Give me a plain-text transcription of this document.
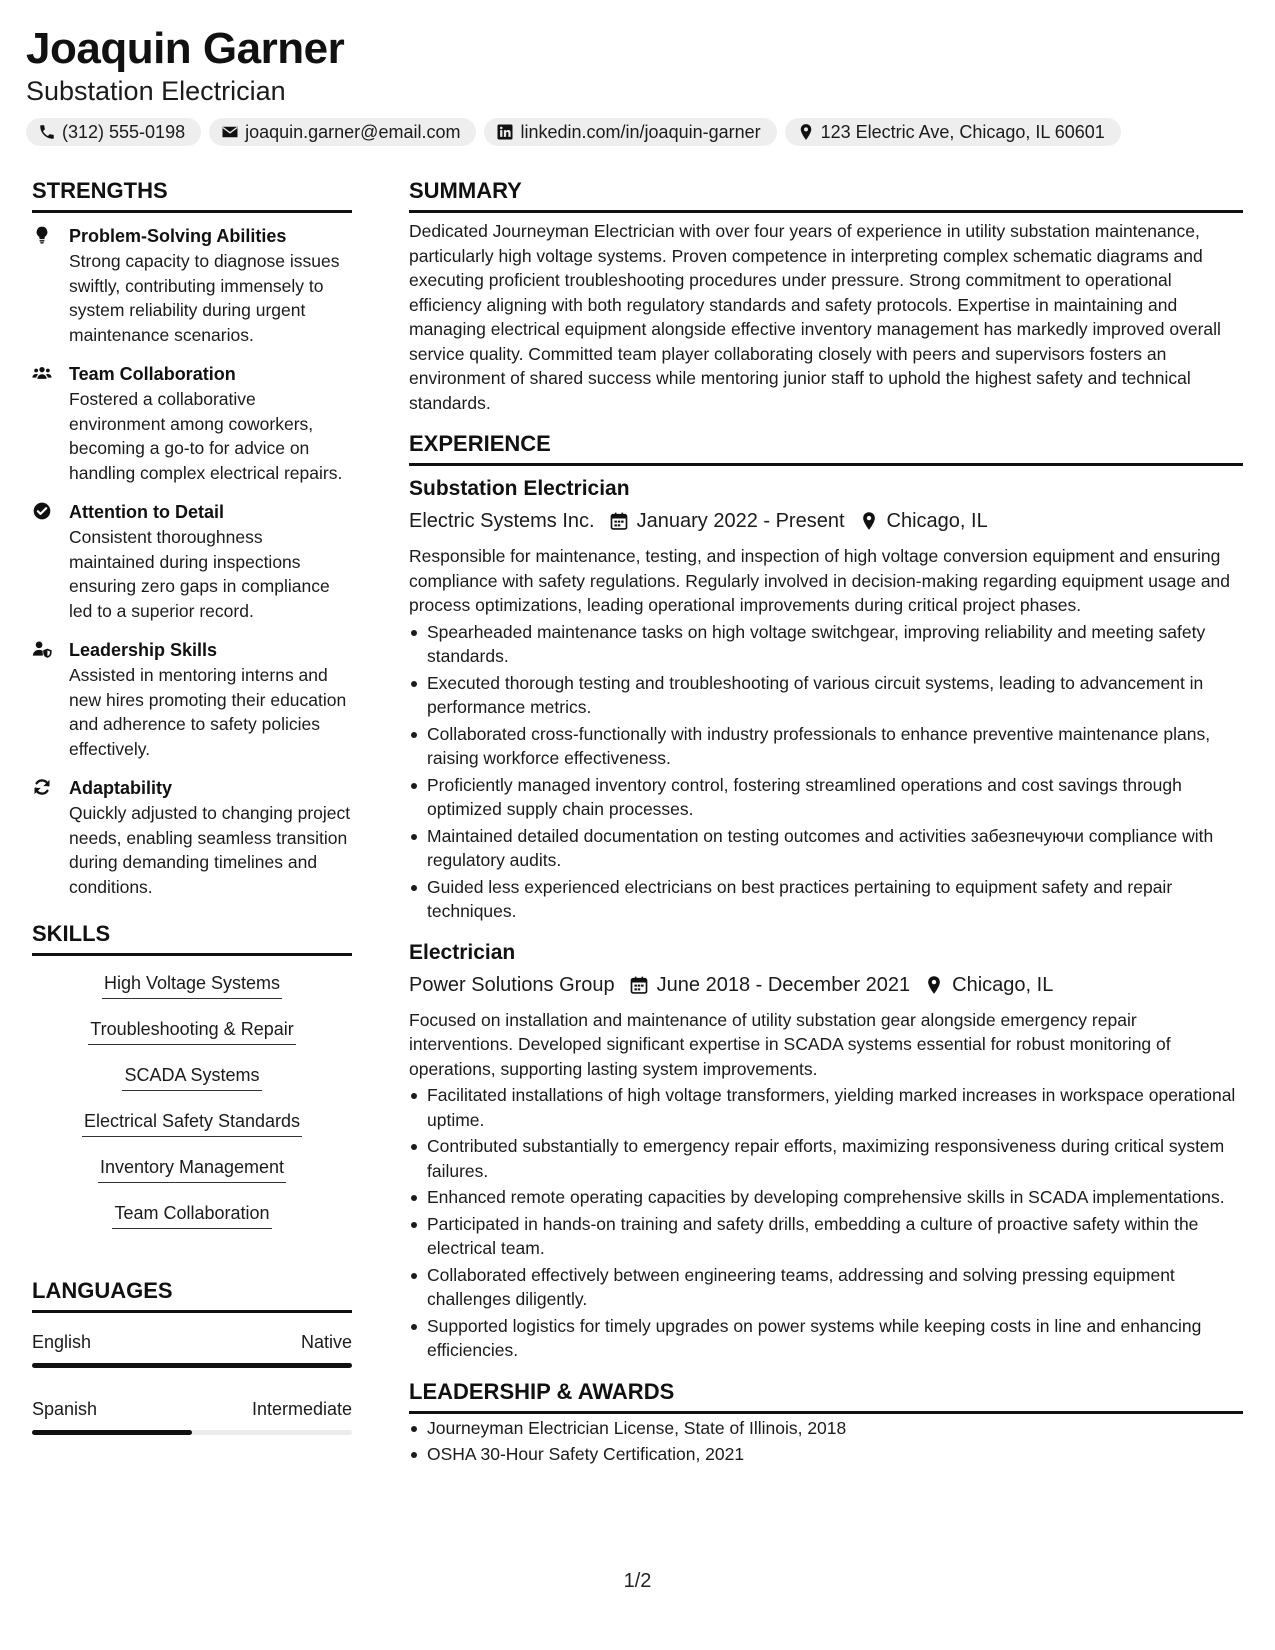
Joaquin Garner
Substation Electrician
(312) 555-0198	joaquin.garner@email.com	linkedin.com/in/joaquin-garner	123 Electric Ave, Chicago, IL 60601
STRENGTHS
Problem-Solving Abilities
Strong capacity to diagnose issues swiftly, contributing immensely to system reliability during urgent maintenance scenarios.
Team Collaboration
Fostered a collaborative environment among coworkers, becoming a go-to for advice on handling complex electrical repairs.
Attention to Detail
Consistent thoroughness maintained during inspections ensuring zero gaps in compliance led to a superior record.
Leadership Skills
Assisted in mentoring interns and new hires promoting their education and adherence to safety policies effectively.
Adaptability
Quickly adjusted to changing project needs, enabling seamless transition during demanding timelines and conditions.
SKILLS
High Voltage Systems
Troubleshooting & Repair
SCADA Systems
Electrical Safety Standards
Inventory Management
Team Collaboration
LANGUAGES
English	Native
Spanish	Intermediate
SUMMARY
Dedicated Journeyman Electrician with over four years of experience in utility substation maintenance, particularly high voltage systems. Proven competence in interpreting complex schematic diagrams and executing proficient troubleshooting procedures under pressure. Strong commitment to operational efficiency aligning with both regulatory standards and safety protocols. Expertise in maintaining and managing electrical equipment alongside effective inventory management has markedly improved overall service quality. Committed team player collaborating closely with peers and supervisors fosters an environment of shared success while mentoring junior staff to uphold the highest safety and technical standards.
EXPERIENCE
Substation Electrician
Electric Systems Inc. January 2022 - Present Chicago, IL
Responsible for maintenance, testing, and inspection of high voltage conversion equipment and ensuring compliance with safety regulations. Regularly involved in decision-making regarding equipment usage and process optimizations, leading operational improvements during critical project phases.
Spearheaded maintenance tasks on high voltage switchgear, improving reliability and meeting safety standards.
Executed thorough testing and troubleshooting of various circuit systems, leading to advancement in performance metrics.
Collaborated cross-functionally with industry professionals to enhance preventive maintenance plans, raising workforce effectiveness.
Proficiently managed inventory control, fostering streamlined operations and cost savings through optimized supply chain processes.
Maintained detailed documentation on testing outcomes and activities забезпечуючи compliance with regulatory audits.
Guided less experienced electricians on best practices pertaining to equipment safety and repair techniques.
Electrician
Power Solutions Group June 2018 - December 2021 Chicago, IL
Focused on installation and maintenance of utility substation gear alongside emergency repair interventions. Developed significant expertise in SCADA systems essential for robust monitoring of operations, supporting lasting system improvements.
Facilitated installations of high voltage transformers, yielding marked increases in workspace operational uptime.
Contributed substantially to emergency repair efforts, maximizing responsiveness during critical system failures.
Enhanced remote operating capacities by developing comprehensive skills in SCADA implementations.
Participated in hands-on training and safety drills, embedding a culture of proactive safety within the electrical team.
Collaborated effectively between engineering teams, addressing and solving pressing equipment challenges diligently.
Supported logistics for timely upgrades on power systems while keeping costs in line and enhancing efficiencies.
LEADERSHIP & AWARDS
Journeyman Electrician License, State of Illinois, 2018
OSHA 30-Hour Safety Certification, 2021
1/2
